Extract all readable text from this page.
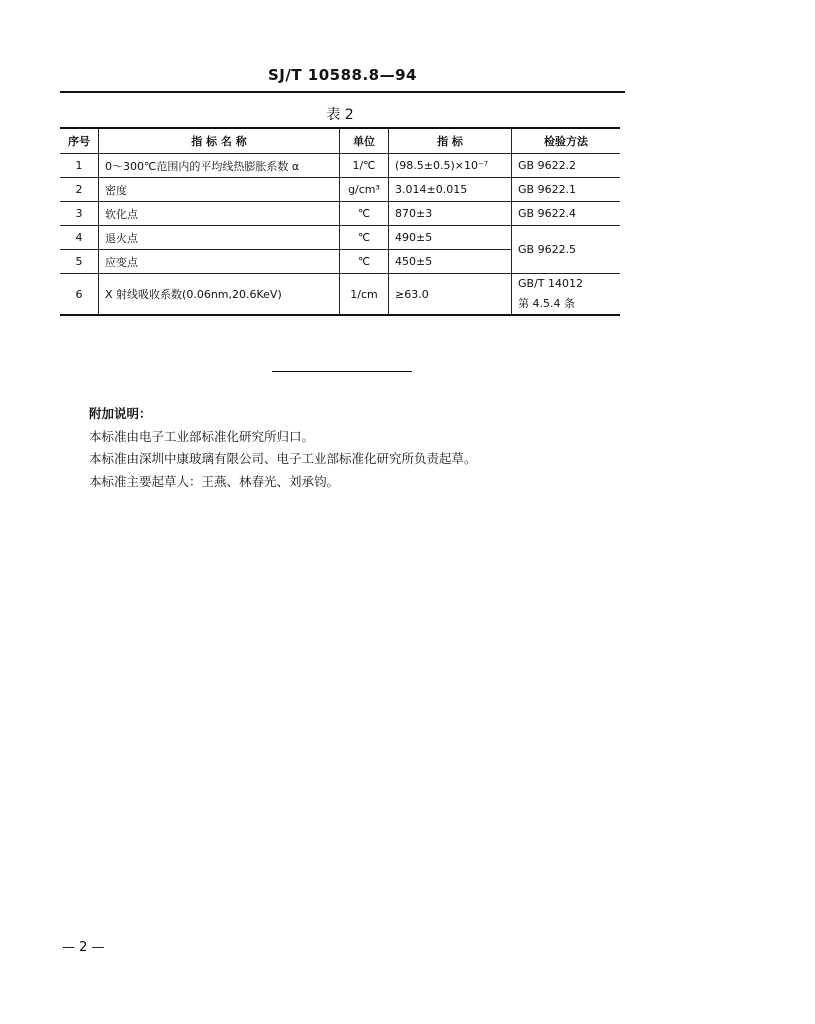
SJ/T 10588.8—94
表 2
序号	指 标 名 称	单位	指 标	检验方法
1	0～300℃范围内的平均线热膨胀系数 α	1/℃	(98.5±0.5)×10⁻⁷	GB 9622.2
2	密度	g/cm³	3.014±0.015	GB 9622.1
3	软化点	℃	870±3	GB 9622.4
4	退火点	℃	490±5	GB 9622.5
5	应变点	℃	450±5	
6	X 射线吸收系数(0.06nm,20.6KeV)	1/cm	≥63.0	GB/T 14012
第 4.5.4 条
附加说明：
本标准由电子工业部标准化研究所归口。
本标准由深圳中康玻璃有限公司、电子工业部标准化研究所负责起草。
本标准主要起草人：王燕、林春光、刘承钧。
— 2 —
